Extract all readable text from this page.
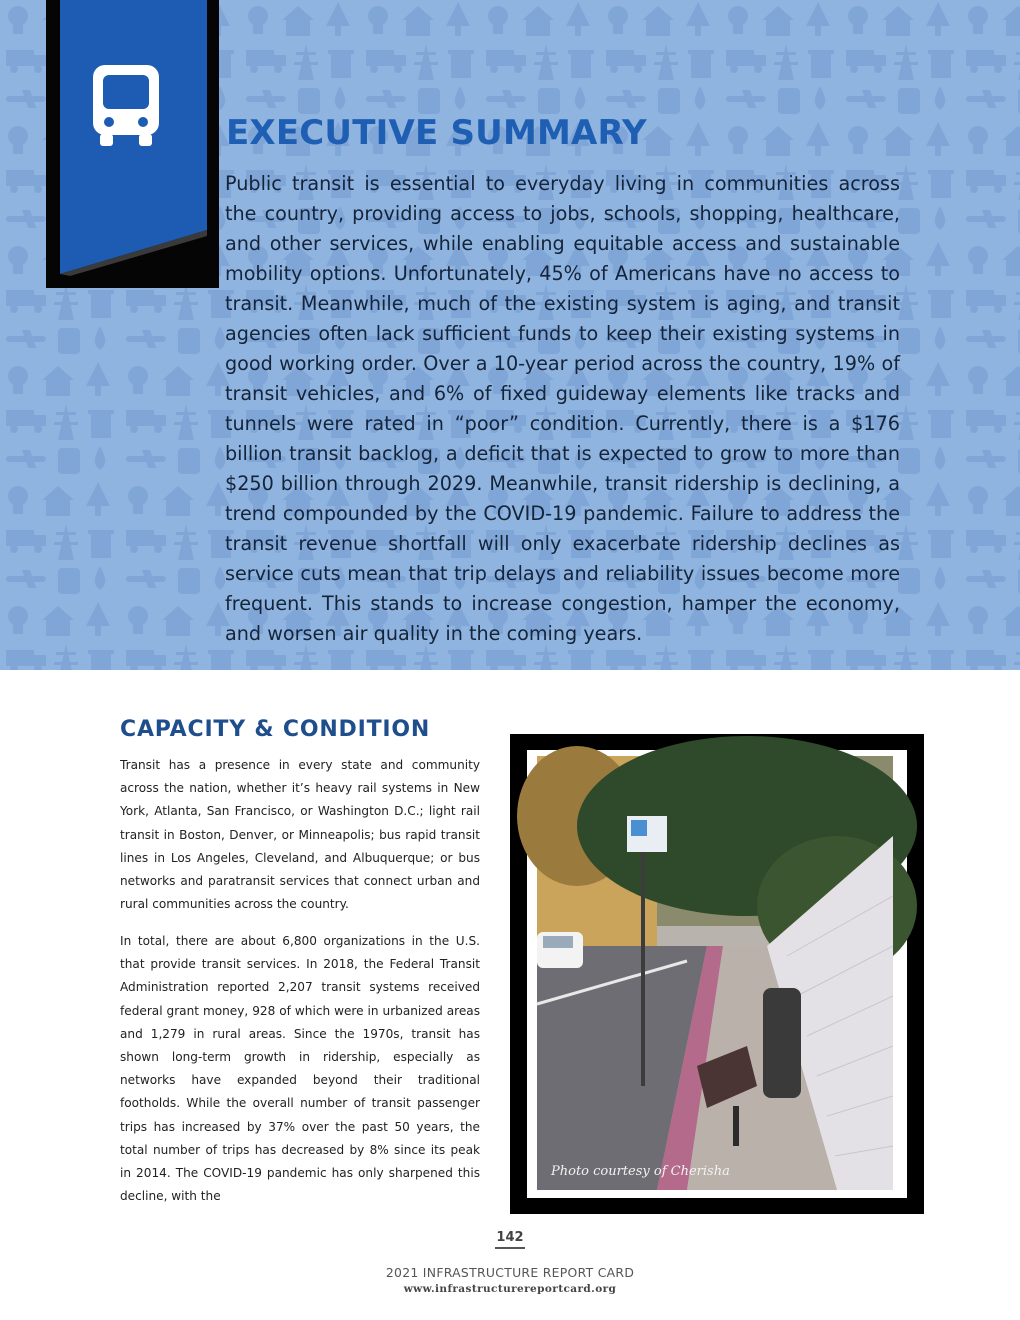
EXECUTIVE SUMMARY

Public transit is essential to everyday living in communities across the country, providing access to jobs, schools, shopping, healthcare, and other services, while enabling equitable access and sustainable mobility options. Unfortunately, 45% of Americans have no access to transit. Meanwhile, much of the existing system is aging, and transit agencies often lack sufficient funds to keep their existing systems in good working order. Over a 10-year period across the country, 19% of transit vehicles, and 6% of fixed guideway elements like tracks and tunnels were rated in “poor” condition. Currently, there is a $176 billion transit backlog, a deficit that is expected to grow to more than $250 billion through 2029. Meanwhile, transit ridership is declining, a trend compounded by the COVID-19 pandemic. Failure to address the transit revenue shortfall will only exacerbate ridership declines as service cuts mean that trip delays and reliability issues become more frequent. This stands to increase congestion, hamper the economy, and worsen air quality in the coming years.

CAPACITY & CONDITION

Transit has a presence in every state and community across the nation, whether it’s heavy rail systems in New York, Atlanta, San Francisco, or Washington D.C.; light rail transit in Boston, Denver, or Minneapolis; bus rapid transit lines in Los Angeles, Cleveland, and Albuquerque; or bus networks and paratransit services that connect urban and rural communities across the country.

In total, there are about 6,800 organizations in the U.S. that provide transit services. In 2018, the Federal Transit Administration reported 2,207 transit systems received federal grant money, 928 of which were in urbanized areas and 1,279 in rural areas. Since the 1970s, transit has shown long-term growth in ridership, especially as networks have expanded beyond their traditional footholds. While the overall number of transit passenger trips has increased by 37% over the past 50 years, the total number of trips has decreased by 8% since its peak in 2014. The COVID-19 pandemic has only sharpened this decline, with the

Photo courtesy of Cherisha
142
2021 INFRASTRUCTURE REPORT CARD
www.infrastructurereportcard.org
